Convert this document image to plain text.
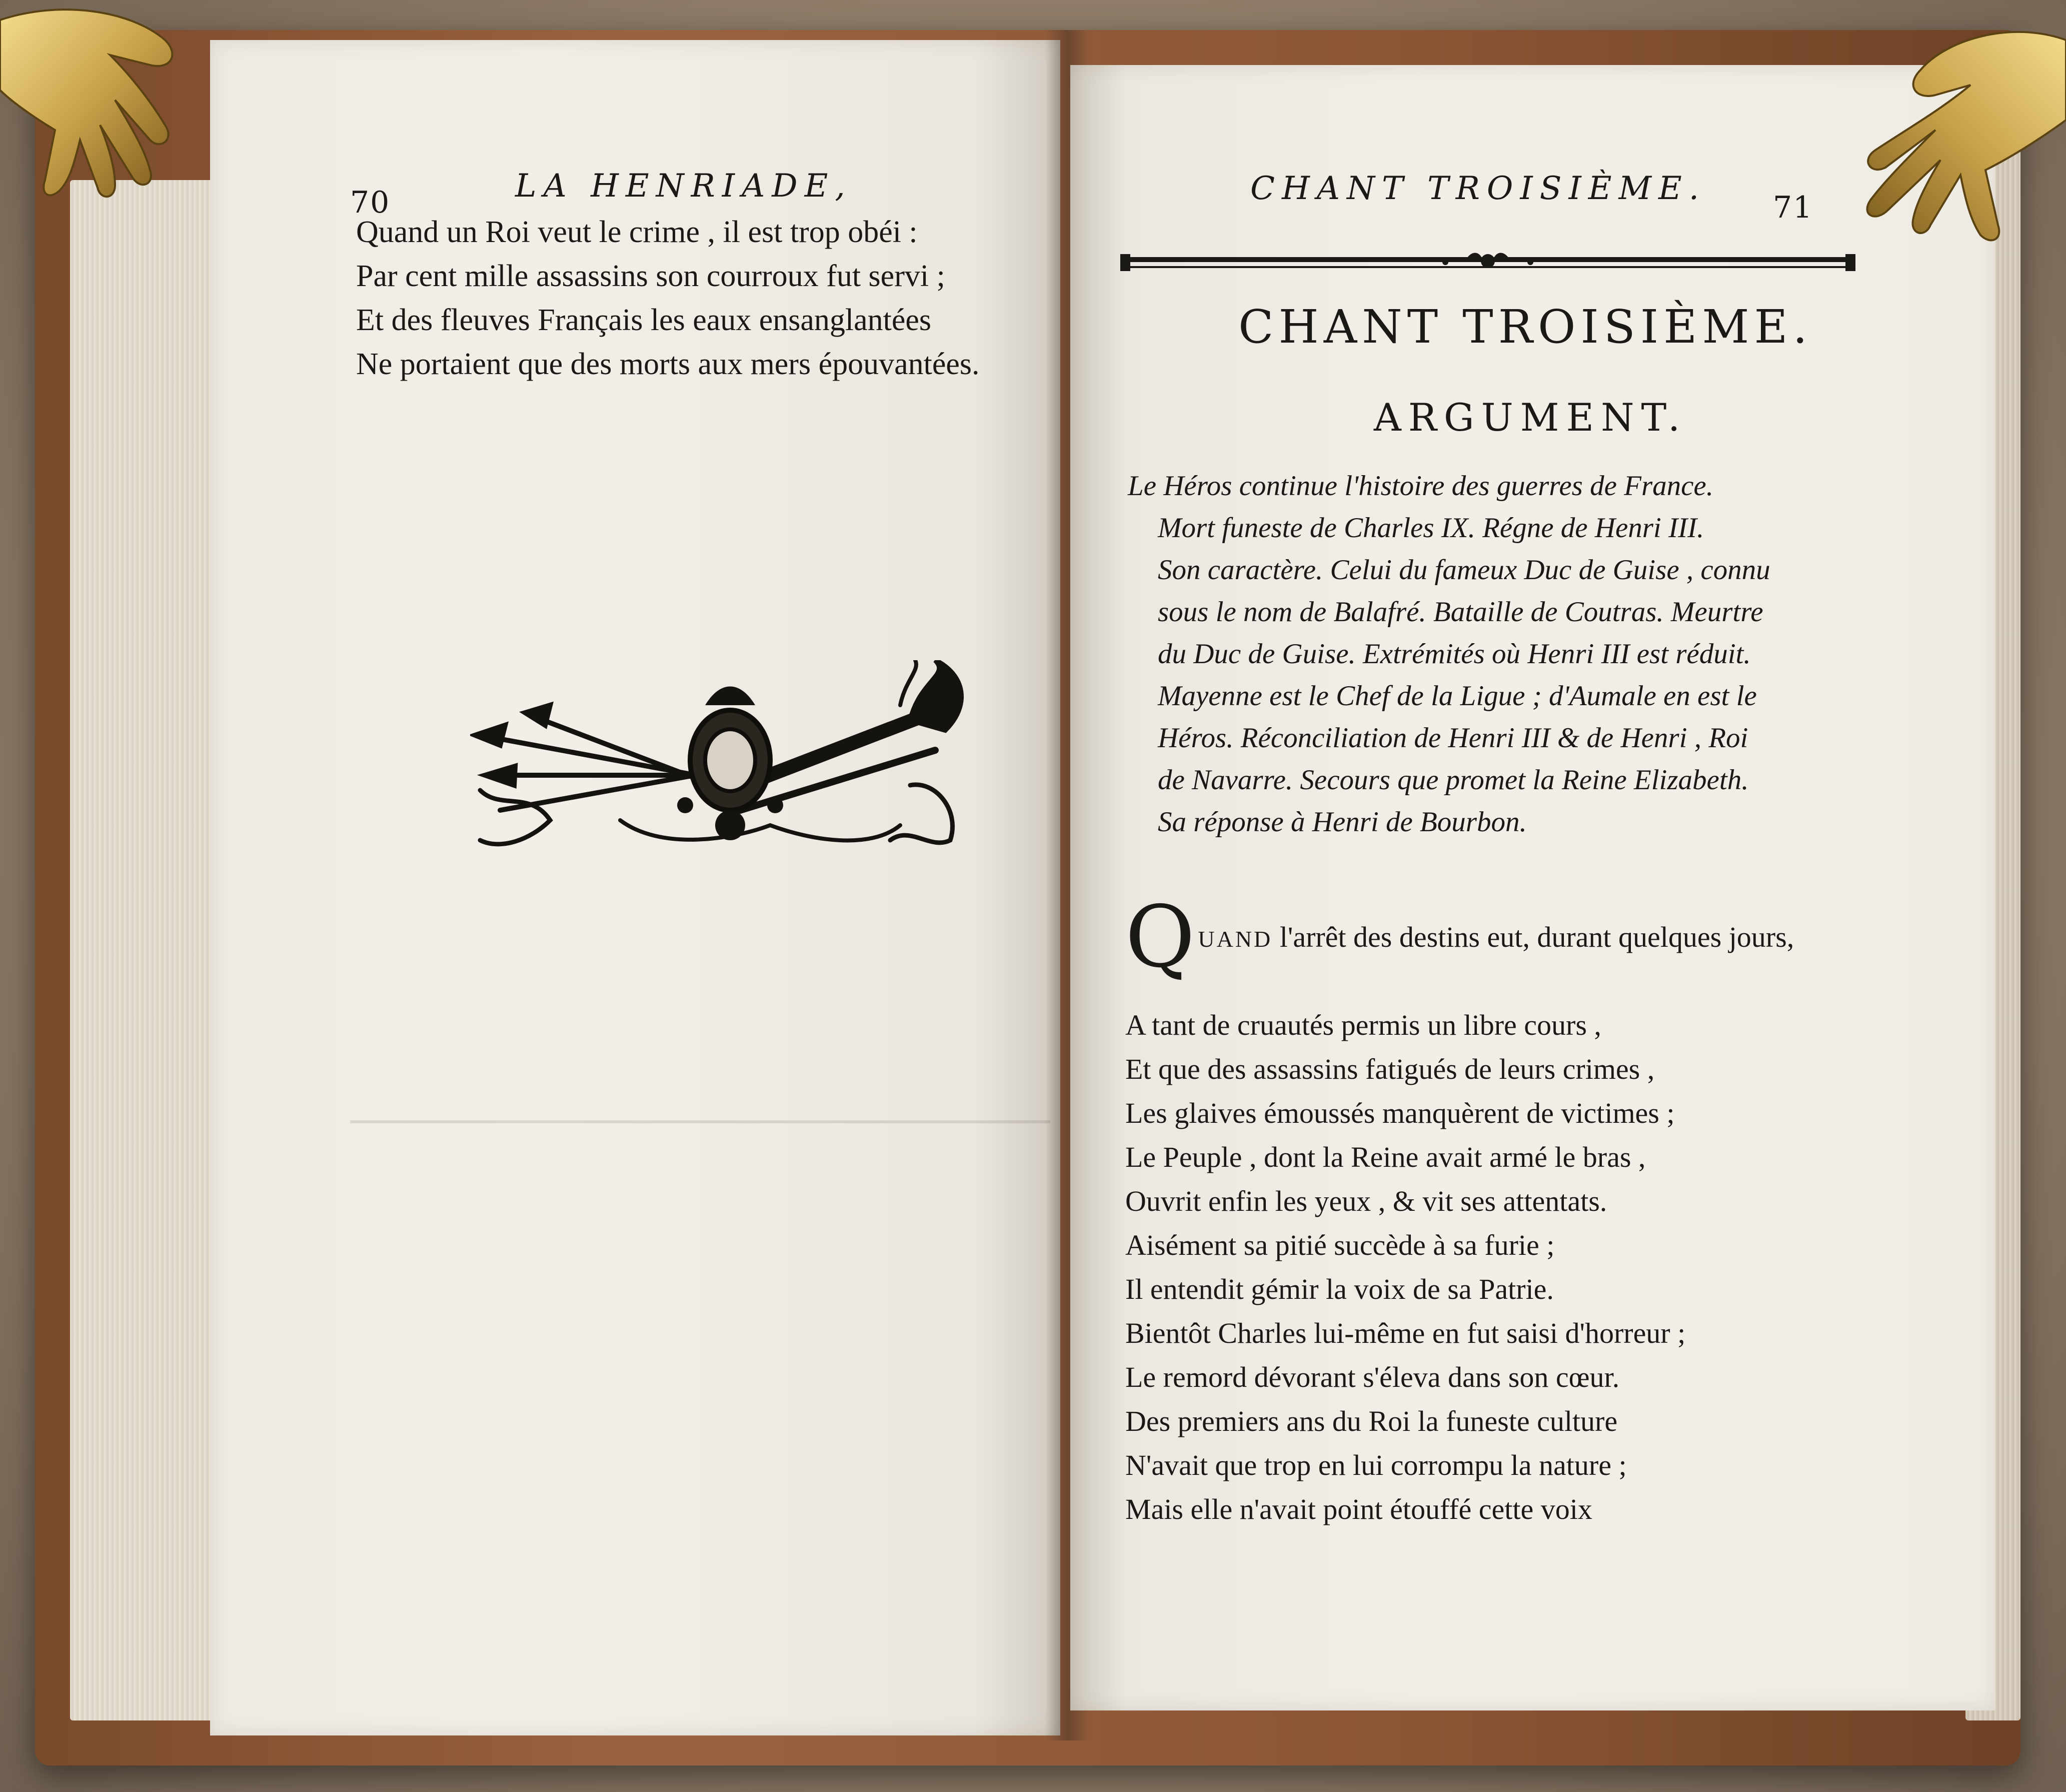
70	LA HENRIADE,
Quand un Roi veut le crime , il est trop obéi :
Par cent mille assassins son courroux fut servi ;
Et des fleuves Français les eaux ensanglantées
Ne portaient que des morts aux mers épouvantées.
CHANT TROISIÈME.
71
CHANT TROISIÈME.
ARGUMENT.
Le Héros continue l'histoire des guerres de France.
Mort funeste de Charles IX. Régne de Henri III.
Son caractère. Celui du fameux Duc de Guise , connu
sous le nom de Balafré. Bataille de Coutras. Meurtre
du Duc de Guise. Extrémités où Henri III est réduit.
Mayenne est le Chef de la Ligue ; d'Aumale en est le
Héros. Réconciliation de Henri III & de Henri , Roi
de Navarre. Secours que promet la Reine Elizabeth.
Sa réponse à Henri de Bourbon.
QUAND l'arrêt des destins eut, durant quelques jours,
A tant de cruautés permis un libre cours ,
Et que des assassins fatigués de leurs crimes ,
Les glaives émoussés manquèrent de victimes ;
Le Peuple , dont la Reine avait armé le bras ,
Ouvrit enfin les yeux , & vit ses attentats.
Aisément sa pitié succède à sa furie ;
Il entendit gémir la voix de sa Patrie.
Bientôt Charles lui-même en fut saisi d'horreur ;
Le remord dévorant s'éleva dans son cœur.
Des premiers ans du Roi la funeste culture
N'avait que trop en lui corrompu la nature ;
Mais elle n'avait point étouffé cette voix
